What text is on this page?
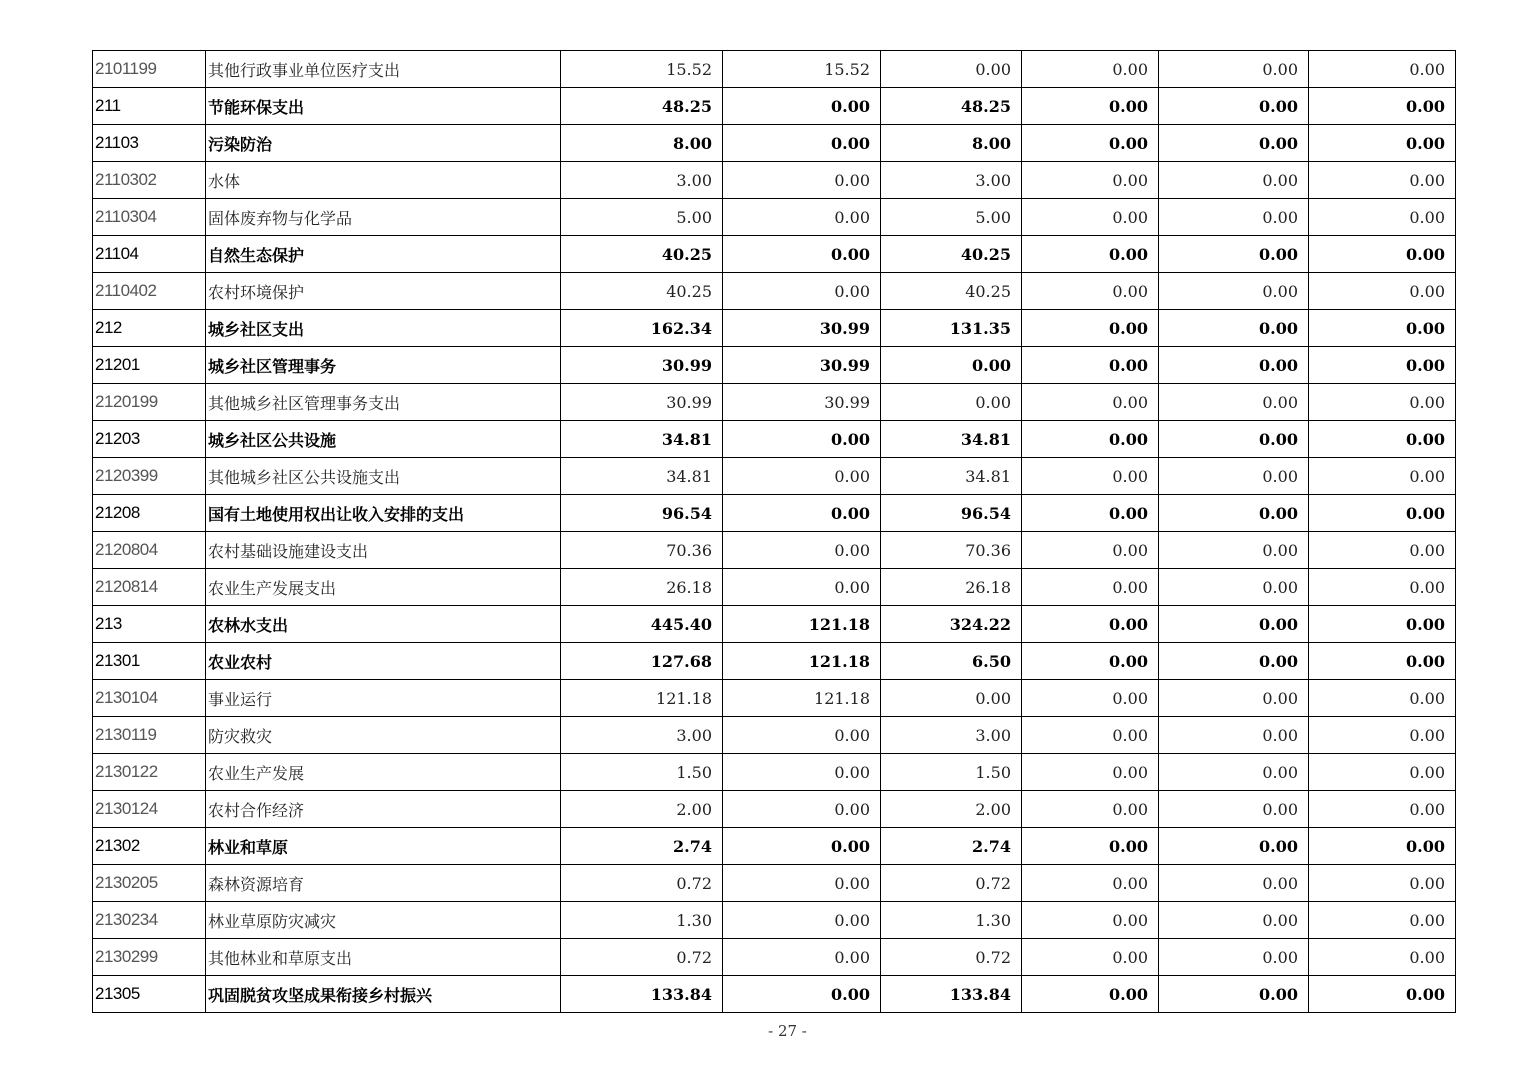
2101199	其他行政事业单位医疗支出	15.52	15.52	0.00	0.00	0.00	0.00
211	节能环保支出	48.25	0.00	48.25	0.00	0.00	0.00
21103	污染防治	8.00	0.00	8.00	0.00	0.00	0.00
2110302	水体	3.00	0.00	3.00	0.00	0.00	0.00
2110304	固体废弃物与化学品	5.00	0.00	5.00	0.00	0.00	0.00
21104	自然生态保护	40.25	0.00	40.25	0.00	0.00	0.00
2110402	农村环境保护	40.25	0.00	40.25	0.00	0.00	0.00
212	城乡社区支出	162.34	30.99	131.35	0.00	0.00	0.00
21201	城乡社区管理事务	30.99	30.99	0.00	0.00	0.00	0.00
2120199	其他城乡社区管理事务支出	30.99	30.99	0.00	0.00	0.00	0.00
21203	城乡社区公共设施	34.81	0.00	34.81	0.00	0.00	0.00
2120399	其他城乡社区公共设施支出	34.81	0.00	34.81	0.00	0.00	0.00
21208	国有土地使用权出让收入安排的支出	96.54	0.00	96.54	0.00	0.00	0.00
2120804	农村基础设施建设支出	70.36	0.00	70.36	0.00	0.00	0.00
2120814	农业生产发展支出	26.18	0.00	26.18	0.00	0.00	0.00
213	农林水支出	445.40	121.18	324.22	0.00	0.00	0.00
21301	农业农村	127.68	121.18	6.50	0.00	0.00	0.00
2130104	事业运行	121.18	121.18	0.00	0.00	0.00	0.00
2130119	防灾救灾	3.00	0.00	3.00	0.00	0.00	0.00
2130122	农业生产发展	1.50	0.00	1.50	0.00	0.00	0.00
2130124	农村合作经济	2.00	0.00	2.00	0.00	0.00	0.00
21302	林业和草原	2.74	0.00	2.74	0.00	0.00	0.00
2130205	森林资源培育	0.72	0.00	0.72	0.00	0.00	0.00
2130234	林业草原防灾减灾	1.30	0.00	1.30	0.00	0.00	0.00
2130299	其他林业和草原支出	0.72	0.00	0.72	0.00	0.00	0.00
21305	巩固脱贫攻坚成果衔接乡村振兴	133.84	0.00	133.84	0.00	0.00	0.00
- 27 -
